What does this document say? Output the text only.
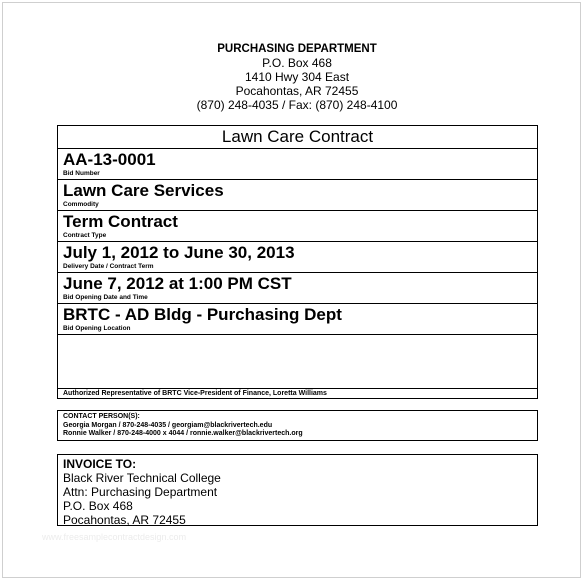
PURCHASING DEPARTMENT
P.O. Box 468
1410 Hwy 304 East
Pocahontas, AR 72455
(870) 248-4035 / Fax: (870) 248-4100
Lawn Care Contract
AA-13-0001
Bid Number
Lawn Care Services
Commodity
Term Contract
Contract Type
July 1, 2012 to June 30, 2013
Delivery Date / Contract Term
June 7, 2012 at 1:00 PM CST
Bid Opening Date and Time
BRTC - AD Bldg - Purchasing Dept
Bid Opening Location
Authorized Representative of BRTC Vice-President of Finance, Loretta Williams
CONTACT PERSON(S):
Georgia Morgan / 870-248-4035 / georgiam@blackrivertech.edu
Ronnie Walker / 870-248-4000 x 4044 / ronnie.walker@blackrivertech.org
INVOICE TO:
Black River Technical College
Attn: Purchasing Department
P.O. Box 468
Pocahontas, AR 72455
www.freesamplecontractdesign.com
